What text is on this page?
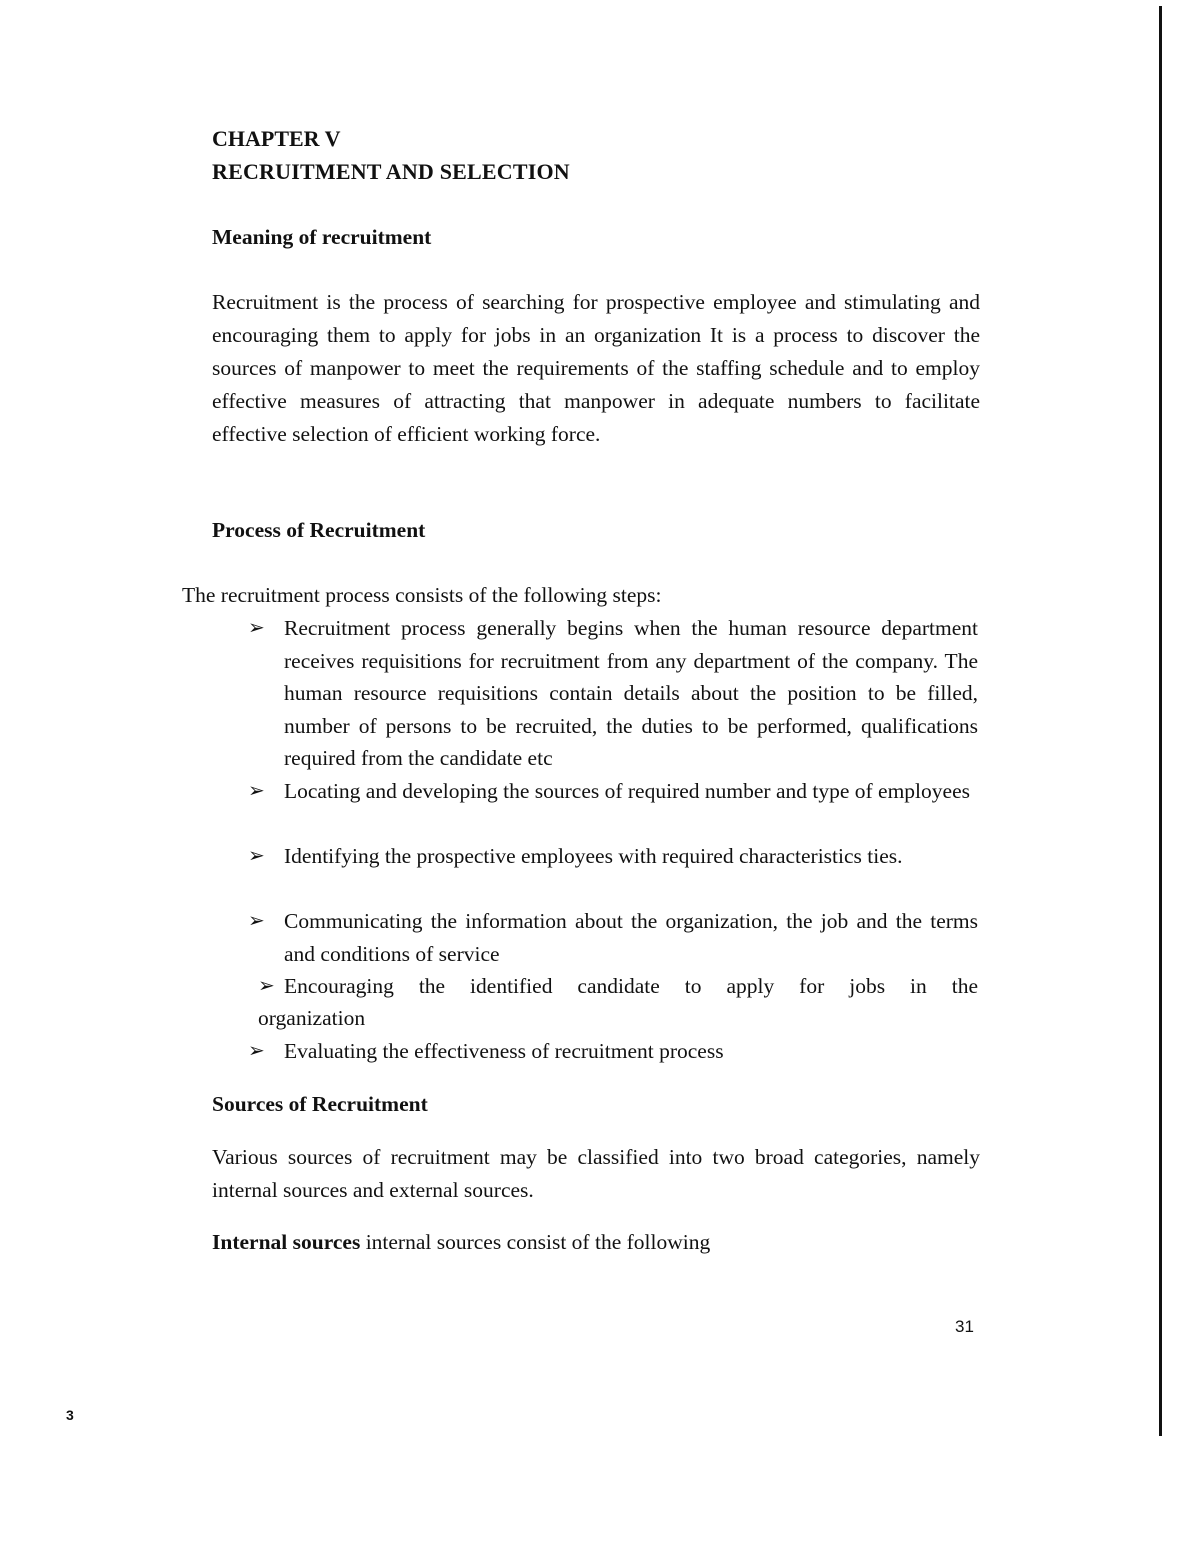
CHAPTER V
RECRUITMENT AND SELECTION
Meaning of recruitment

Recruitment is the process of searching for prospective employee and stimulating and encouraging them to apply for jobs in an organization It is a process to discover the sources of manpower to meet the requirements of the staffing schedule and to employ effective measures of attracting that manpower in adequate numbers to facilitate effective selection of efficient working force.

Process of Recruitment
The recruitment process consists of the following steps:
➢ Recruitment process generally begins when the human resource department receives requisitions for recruitment from any department of the company. The human resource requisitions contain details about the position to be filled, number of persons to be recruited, the duties to be performed, qualifications required from the candidate etc

➢ Locating and developing the sources of required number and type of employees

➢ Identifying the prospective employees with required characteristics ties.

➢ Communicating the information about the organization, the job and the terms and conditions of service

➢ Encouraging the identified candidate to apply for jobs in the

organization
➢ Evaluating the effectiveness of recruitment process

Sources of Recruitment

Various sources of recruitment may be classified into two broad categories, namely internal sources and external sources.

Internal sources internal sources consist of the following
31
3
